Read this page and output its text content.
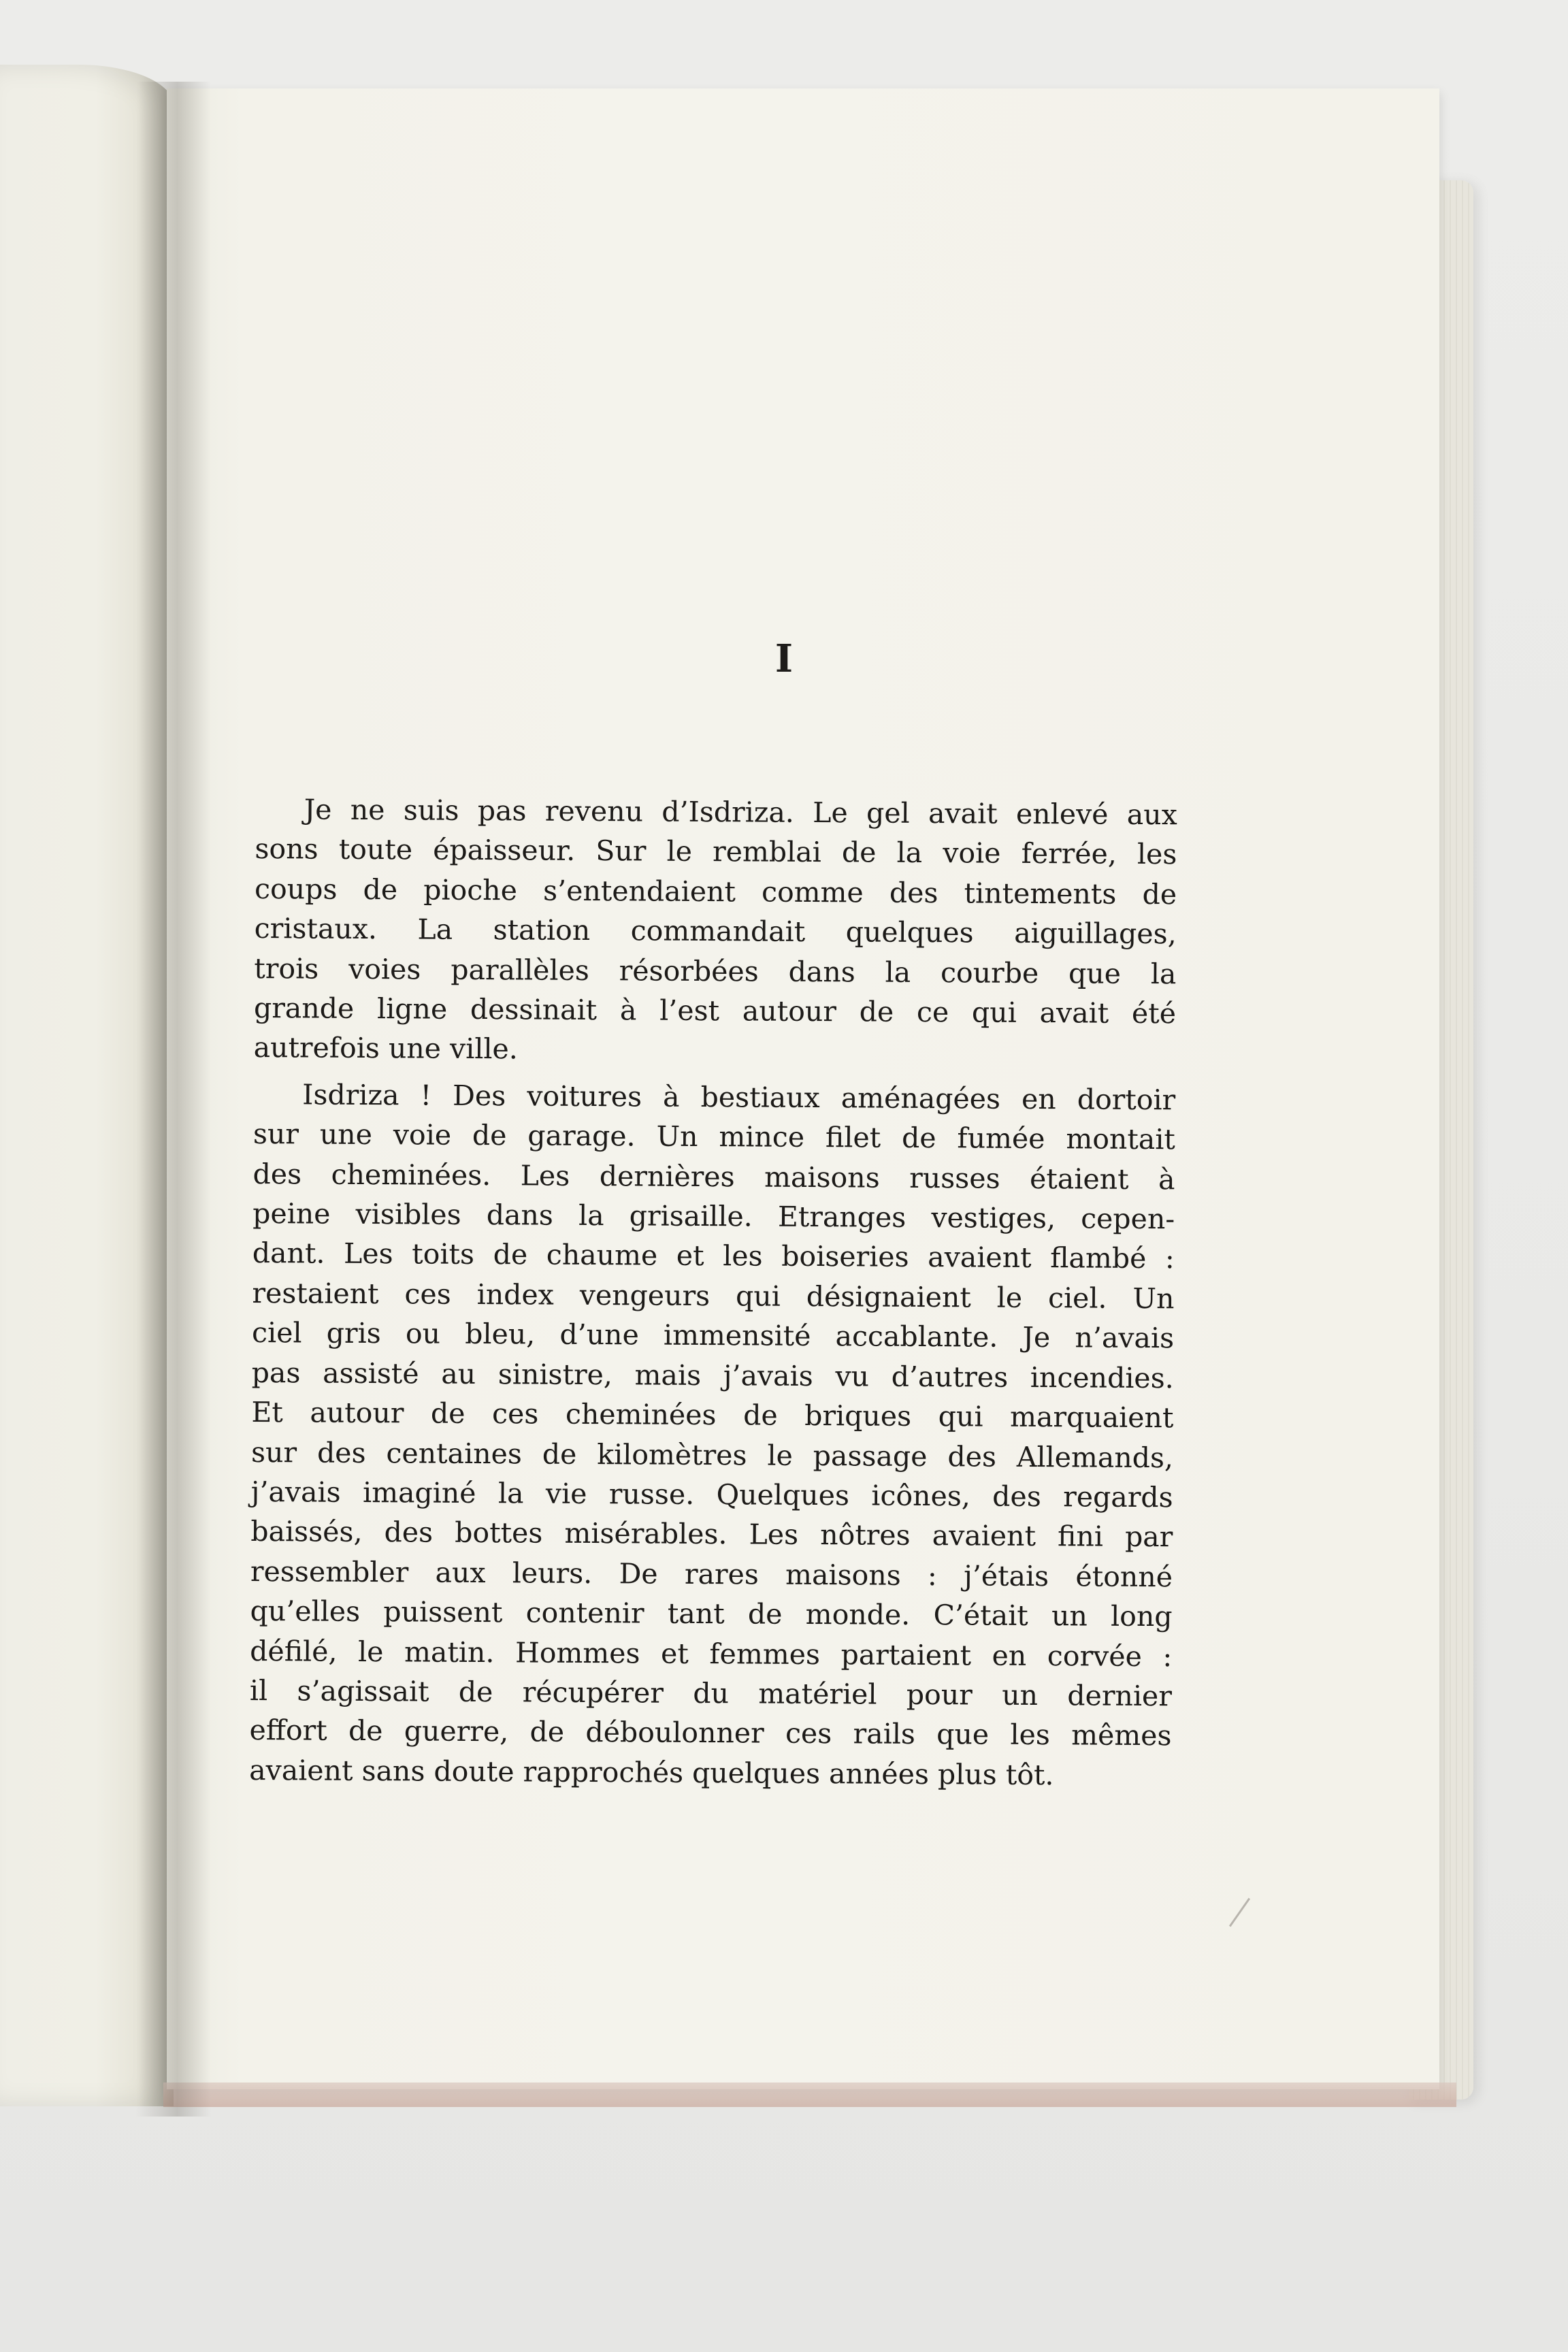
I

Je ne suis pas revenu d’Isdriza. Le gel avait enlevé aux
sons toute épaisseur. Sur le remblai de la voie ferrée, les
coups de pioche s’entendaient comme des tintements de
cristaux. La station commandait quelques aiguillages,
trois voies parallèles résorbées dans la courbe que la
grande ligne dessinait à l’est autour de ce qui avait été
autrefois une ville.

Isdriza ! Des voitures à bestiaux aménagées en dortoir
sur une voie de garage. Un mince filet de fumée montait
des cheminées. Les dernières maisons russes étaient à
peine visibles dans la grisaille. Etranges vestiges, cepen-
dant. Les toits de chaume et les boiseries avaient flambé :
restaient ces index vengeurs qui désignaient le ciel. Un
ciel gris ou bleu, d’une immensité accablante. Je n’avais
pas assisté au sinistre, mais j’avais vu d’autres incendies.
Et autour de ces cheminées de briques qui marquaient
sur des centaines de kilomètres le passage des Allemands,
j’avais imaginé la vie russe. Quelques icônes, des regards
baissés, des bottes misérables. Les nôtres avaient fini par
ressembler aux leurs. De rares maisons : j’étais étonné
qu’elles puissent contenir tant de monde. C’était un long
défilé, le matin. Hommes et femmes partaient en corvée :
il s’agissait de récupérer du matériel pour un dernier
effort de guerre, de déboulonner ces rails que les mêmes
avaient sans doute rapprochés quelques années plus tôt.
